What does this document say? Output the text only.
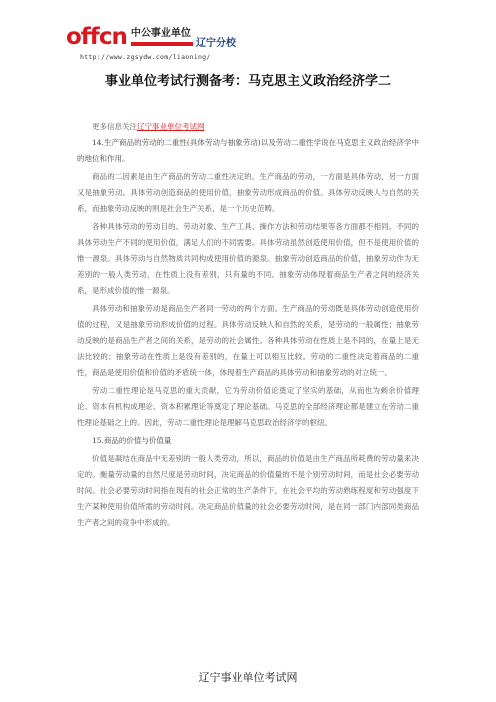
offcn 中公事业单位
辽宁分校
http://www.zgsydw.com/liaoning/
事业单位考试行测备考：马克思主义政治经济学二

更多信息关注辽宁事业单位考试网

14.生产商品的劳动的二重性(具体劳动与抽象劳动)以及劳动二重性学说在马克思主义政治经济学中的地位和作用。

商品的二因素是由生产商品的劳动二重性决定的。生产商品的劳动，一方面是具体劳动，另一方面又是抽象劳动。具体劳动创造商品的使用价值，抽象劳动形成商品的价值。具体劳动反映人与自然的关系，而抽象劳动反映的则是社会生产关系，是一个历史范畴。

各种具体劳动的劳动目的、劳动对象、生产工具、操作方法和劳动结果等各方面都不相同。不同的具体劳动生产不同的使用价值，满足人们的不同需要。具体劳动虽然创造使用价值，但不是使用价值的惟一源泉。具体劳动与自然物质共同构成使用价值的源泉。抽象劳动创造商品的价值，抽象劳动作为无差别的一般人类劳动，在性质上没有差别，只有量的不同。抽象劳动体现着商品生产者之间的经济关系，是形成价值的惟一源泉。

具体劳动和抽象劳动是商品生产者同一劳动的两个方面。生产商品的劳动既是具体劳动创造使用价值的过程，又是抽象劳动形成价值的过程。具体劳动反映人和自然的关系，是劳动的一般属性；抽象劳动反映的是商品生产者之间的关系，是劳动的社会属性。各种具体劳动在性质上是不同的，在量上是无法比较的；抽象劳动在性质上是没有差别的，在量上可以相互比较。劳动的二重性决定着商品的二重性，商品是使用价值和价值的矛盾统一体，体现着生产商品的具体劳动和抽象劳动的对立统一。

劳动二重性理论是马克思的重大贡献，它为劳动价值论奠定了坚实的基础，从而也为剩余价值理论、资本有机构成理论、资本积累理论等奠定了理论基础。马克思的全部经济理论都是建立在劳动二重性理论基础之上的。因此，劳动二重性理论是理解马克思政治经济学的枢纽。

15.商品的价值与价值量

价值是凝结在商品中无差别的一般人类劳动，所以，商品的价值是由生产商品所耗费的劳动量来决定的。衡量劳动量的自然尺度是劳动时间，决定商品的价值量的不是个别劳动时间，而是社会必要劳动时间。社会必要劳动时间指在现有的社会正常的生产条件下，在社会平均的劳动熟练程度和劳动强度下生产某种使用价值所需的劳动时间。决定商品价值量的社会必要劳动时间，是在同一部门内部同类商品生产者之间的竞争中形成的。

辽宁事业单位考试网
